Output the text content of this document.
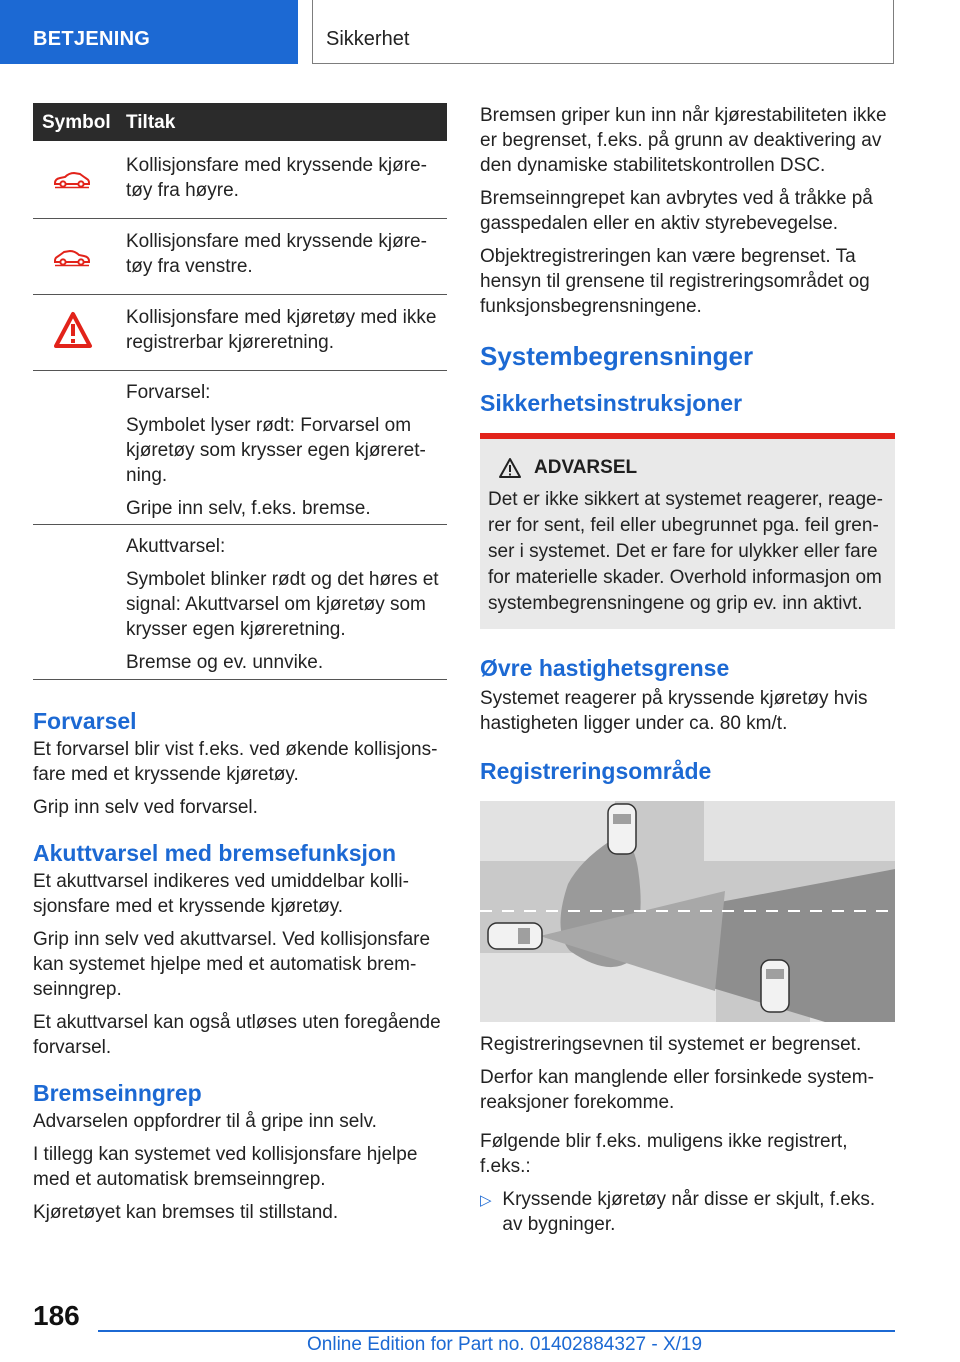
BETJENING	Sikkerhet
Symbol Tiltak

Kollisjonsfare med kryssende kjøre-tøy fra høyre.

Kollisjonsfare med kryssende kjøre-tøy fra venstre.

Kollisjonsfare med kjøretøy med ikke registrerbar kjøreretning.

Forvarsel:

Symbolet lyser rødt: Forvarsel om kjøretøy som krysser egen kjøreret-ning.

Gripe inn selv, f.eks. bremse.

Akuttvarsel:

Symbolet blinker rødt og det høres et signal: Akuttvarsel om kjøretøy som krysser egen kjøreretning.

Bremse og ev. unnvike.

Forvarsel

Et forvarsel blir vist f.eks. ved økende kollisjons-fare med et kryssende kjøretøy.

Grip inn selv ved forvarsel.

Akuttvarsel med bremsefunksjon

Et akuttvarsel indikeres ved umiddelbar kolli-sjonsfare med et kryssende kjøretøy.

Grip inn selv ved akuttvarsel. Ved kollisjonsfare kan systemet hjelpe med et automatisk brem-seinngrep.

Et akuttvarsel kan også utløses uten foregående forvarsel.

Bremseinngrep

Advarselen oppfordrer til å gripe inn selv.

I tillegg kan systemet ved kollisjonsfare hjelpe med et automatisk bremseinngrep.

Kjøretøyet kan bremses til stillstand.

Bremsen griper kun inn når kjørestabiliteten ikke er begrenset, f.eks. på grunn av deaktivering av den dynamiske stabilitetskontrollen DSC.

Bremseinngrepet kan avbrytes ved å tråkke på gasspedalen eller en aktiv styrebevegelse.

Objektregistreringen kan være begrenset. Ta hensyn til grensene til registreringsområdet og funksjonsbegrensningene.

Systembegrensninger
Sikkerhetsinstruksjoner
ADVARSEL

Det er ikke sikkert at systemet reagerer, reage-rer for sent, feil eller ubegrunnet pga. feil gren-ser i systemet. Det er fare for ulykker eller fare for materielle skader. Overhold informasjon om systembegrensningene og grip ev. inn aktivt.

Øvre hastighetsgrense

Systemet reagerer på kryssende kjøretøy hvis hastigheten ligger under ca. 80 km/t.

Registreringsområde

Registreringsevnen til systemet er begrenset.

Derfor kan manglende eller forsinkede system-reaksjoner forekomme.

Følgende blir f.eks. muligens ikke registrert, f.eks.:

▷ Kryssende kjøretøy når disse er skjult, f.eks. av bygninger.
186
Online Edition for Part no. 01402884327 - X/19
